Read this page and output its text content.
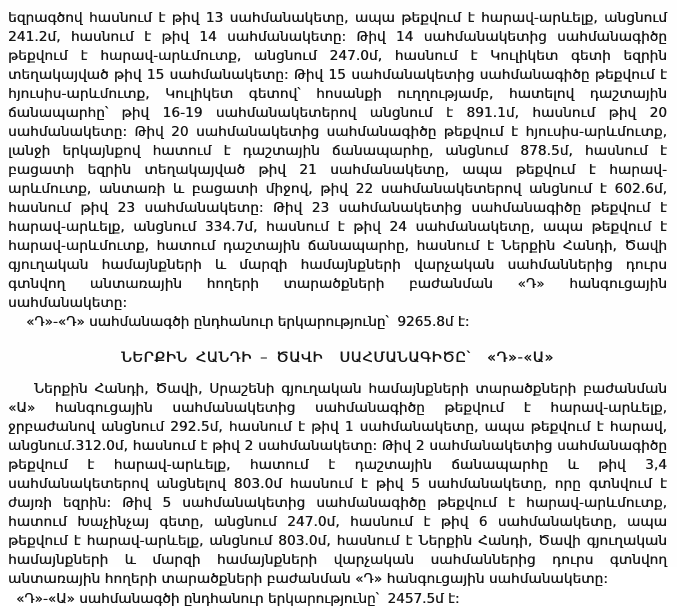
եզրագծով հասնում է թիվ 13 սահմանակետը, ապա թեքվում է հարավ-արևելք, անցնում 241.2մ, հասնում է թիվ 14 սահմանակետը: Թիվ 14 սահմանակետից սահմանագիծը թեքվում է հարավ-արևմուտք, անցնում 247.0մ, հասնում է Կուլիկետ գետի եզրին տեղակայված թիվ 15 սահմանակետը: Թիվ 15 սահմանակետից սահմանագիծը թեքվում է հյուսիս-արևմուտք, Կուլիկետ գետով՝ հոսանքի ուղղությամբ, հատելով դաշտային ճանապարհը՝ թիվ 16-19 սահմանակետերով անցնում է 891.1մ, հասնում թիվ 20 սահմանակետը: Թիվ 20 սահմանակետից սահմանագիծը թեքվում է հյուսիս-արևմուտք, լանջի երկայնքով հատում է դաշտային ճանապարհը, անցնում 878.5մ, հասնում է բացատի եզրին տեղակայված թիվ 21 սահմանակետը, ապա թեքվում է հարավ-արևմուտք, անտառի և բացատի միջով, թիվ 22 սահմանակետերով անցնում է 602.6մ, հասնում թիվ 23 սահմանակետը: Թիվ 23 սահմանակետից սահմանագիծը թեքվում է հարավ-արևելք, անցնում 334.7մ, հասնում է թիվ 24 սահմանակետը, ապա թեքվում է հարավ-արևմուտք, հատում դաշտային ճանապարհը, հասնում է Ներքին Հանդի, Ծավի գյուղական համայնքների և մարզի համայնքների վարչական սահմաններից դուրս գտնվող անտառային հողերի տարածքների բաժանման «Դ» հանգուցային սահմանակետը:

«Դ»-«Դ» սահմանագծի ընդհանուր երկարությունը՝  9265.8մ է:

ՆԵՐՔԻՆ ՀԱՆԴԻ – ԾԱՎԻ  ՍԱՀՄԱՆԱԳԻԾԸ՝  «Դ»-«Ա»

Ներքին Հանդի, Ծավի, Սրաշենի գյուղական համայնքների տարածքների բաժանման «Ա» հանգուցային սահմանակետից սահմանագիծը թեքվում է հարավ-արևելք, ջրբաժանով անցնում 292.5մ, հասնում է թիվ 1 սահմանակետը, ապա թեքվում է հարավ, անցնում.312.0մ, հասնում է թիվ 2 սահմանակետը: Թիվ 2 սահմանակետից սահմանագիծը թեքվում է հարավ-արևելք, հատում է դաշտային ճանապարհը և թիվ 3,4 սահմանակետերով անցնելով 803.0մ հասնում է թիվ 5 սահմանակետը, որը գտնվում է ժայռի եզրին: Թիվ 5 սահմանակետից սահմանագիծը թեքվում է հարավ-արևմուտք, հատում Խաչինչայ գետը, անցնում 247.0մ, հասնում է թիվ 6 սահմանակետը, ապա թեքվում է հարավ-արևելք, անցնում 803.0մ, հասնում է Ներքին Հանդի, Ծավի գյուղական համայնքների և մարզի համայնքների վարչական սահմաններից դուրս գտնվող անտառային հողերի տարածքների բաժանման «Դ» հանգուցային սահմանակետը:

«Դ»-«Ա» սահմանագծի ընդհանուր երկարությունը՝  2457.5մ է:
